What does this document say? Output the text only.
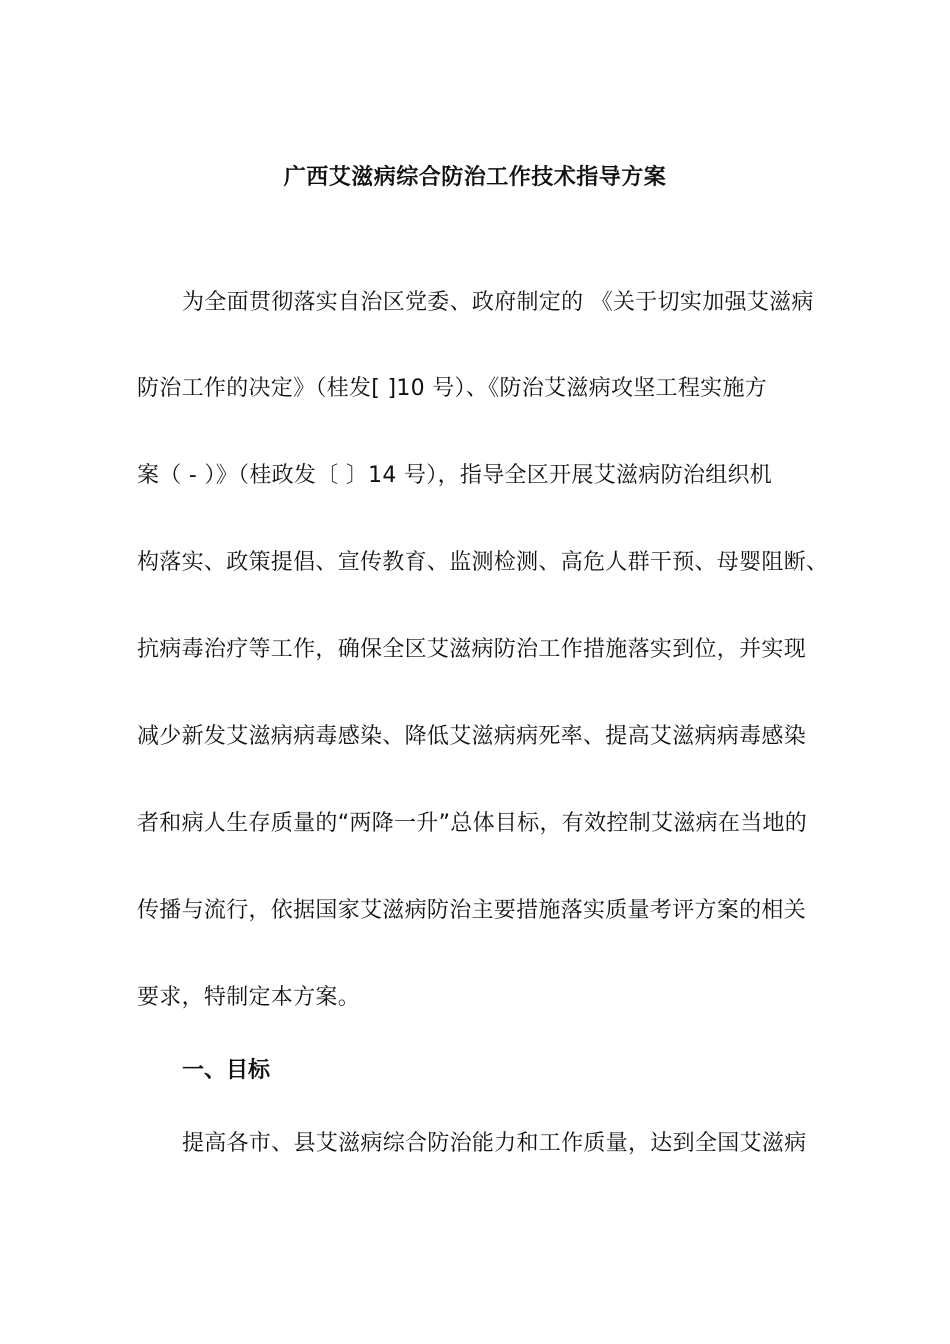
广西艾滋病综合防治工作技术指导方案
为全面贯彻落实自治区党委、政府制定的 《关于切实加强艾滋病
防治工作的决定》（桂发[ ]10 号）、《防治艾滋病攻坚工程实施方
案（ - ）》（桂政发〔 〕14 号），指导全区开展艾滋病防治组织机
构落实、政策提倡、宣传教育、监测检测、高危人群干预、母婴阻断、
抗病毒治疗等工作，确保全区艾滋病防治工作措施落实到位，并实现
减少新发艾滋病病毒感染、降低艾滋病病死率、提高艾滋病病毒感染
者和病人生存质量的“两降一升”总体目标，有效控制艾滋病在当地的
传播与流行，依据国家艾滋病防治主要措施落实质量考评方案的相关
要求，特制定本方案。
一、目标
提高各市、县艾滋病综合防治能力和工作质量，达到全国艾滋病
